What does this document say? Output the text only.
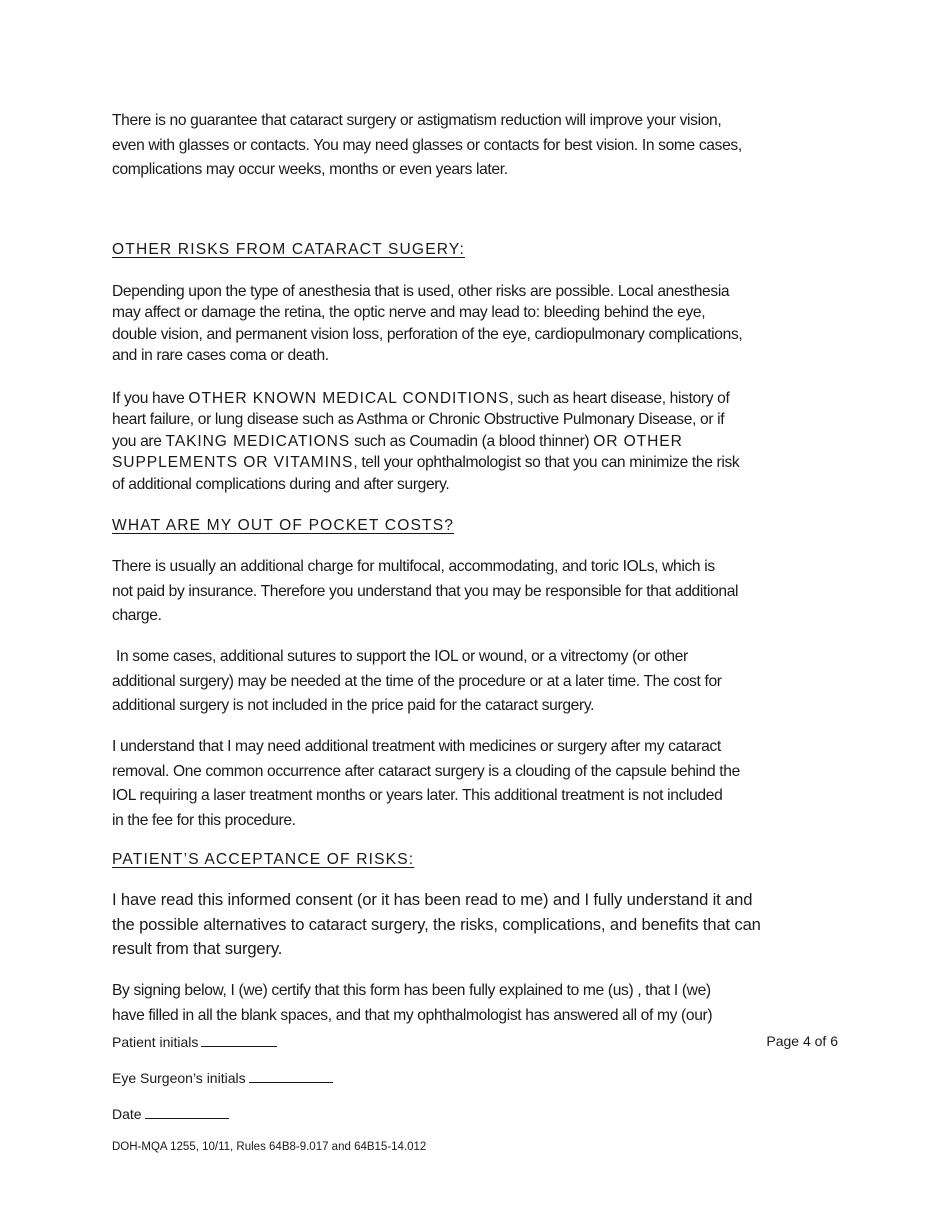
There is no guarantee that cataract surgery or astigmatism reduction will improve your vision,
even with glasses or contacts. You may need glasses or contacts for best vision. In some cases,
complications may occur weeks, months or even years later.

OTHER RISKS FROM CATARACT SUGERY:

Depending upon the type of anesthesia that is used, other risks are possible. Local anesthesia
may affect or damage the retina, the optic nerve and may lead to: bleeding behind the eye,
double vision, and permanent vision loss, perforation of the eye, cardiopulmonary complications,
and in rare cases coma or death.

If you have OTHER KNOWN MEDICAL CONDITIONS, such as heart disease, history of
heart failure, or lung disease such as Asthma or Chronic Obstructive Pulmonary Disease, or if
you are TAKING MEDICATIONS such as Coumadin (a blood thinner) OR OTHER
SUPPLEMENTS OR VITAMINS, tell your ophthalmologist so that you can minimize the risk
of additional complications during and after surgery.

WHAT ARE MY OUT OF POCKET COSTS?

There is usually an additional charge for multifocal, accommodating, and toric IOLs, which is
not paid by insurance. Therefore you understand that you may be responsible for that additional
charge.

In some cases, additional sutures to support the IOL or wound, or a vitrectomy (or other
additional surgery) may be needed at the time of the procedure or at a later time. The cost for
additional surgery is not included in the price paid for the cataract surgery.

I understand that I may need additional treatment with medicines or surgery after my cataract
removal. One common occurrence after cataract surgery is a clouding of the capsule behind the
IOL requiring a laser treatment months or years later. This additional treatment is not included
in the fee for this procedure.

PATIENT’S ACCEPTANCE OF RISKS:

I have read this informed consent (or it has been read to me) and I fully understand it and
the possible alternatives to cataract surgery, the risks, complications, and benefits that can
result from that surgery.

By signing below, I (we) certify that this form has been fully explained to me (us) , that I (we)
have filled in all the blank spaces, and that my ophthalmologist has answered all of my (our)

Patient initials	Page 4 of 6

Eye Surgeon’s initials

Date

DOH-MQA 1255, 10/11, Rules 64B8-9.017 and 64B15-14.012
